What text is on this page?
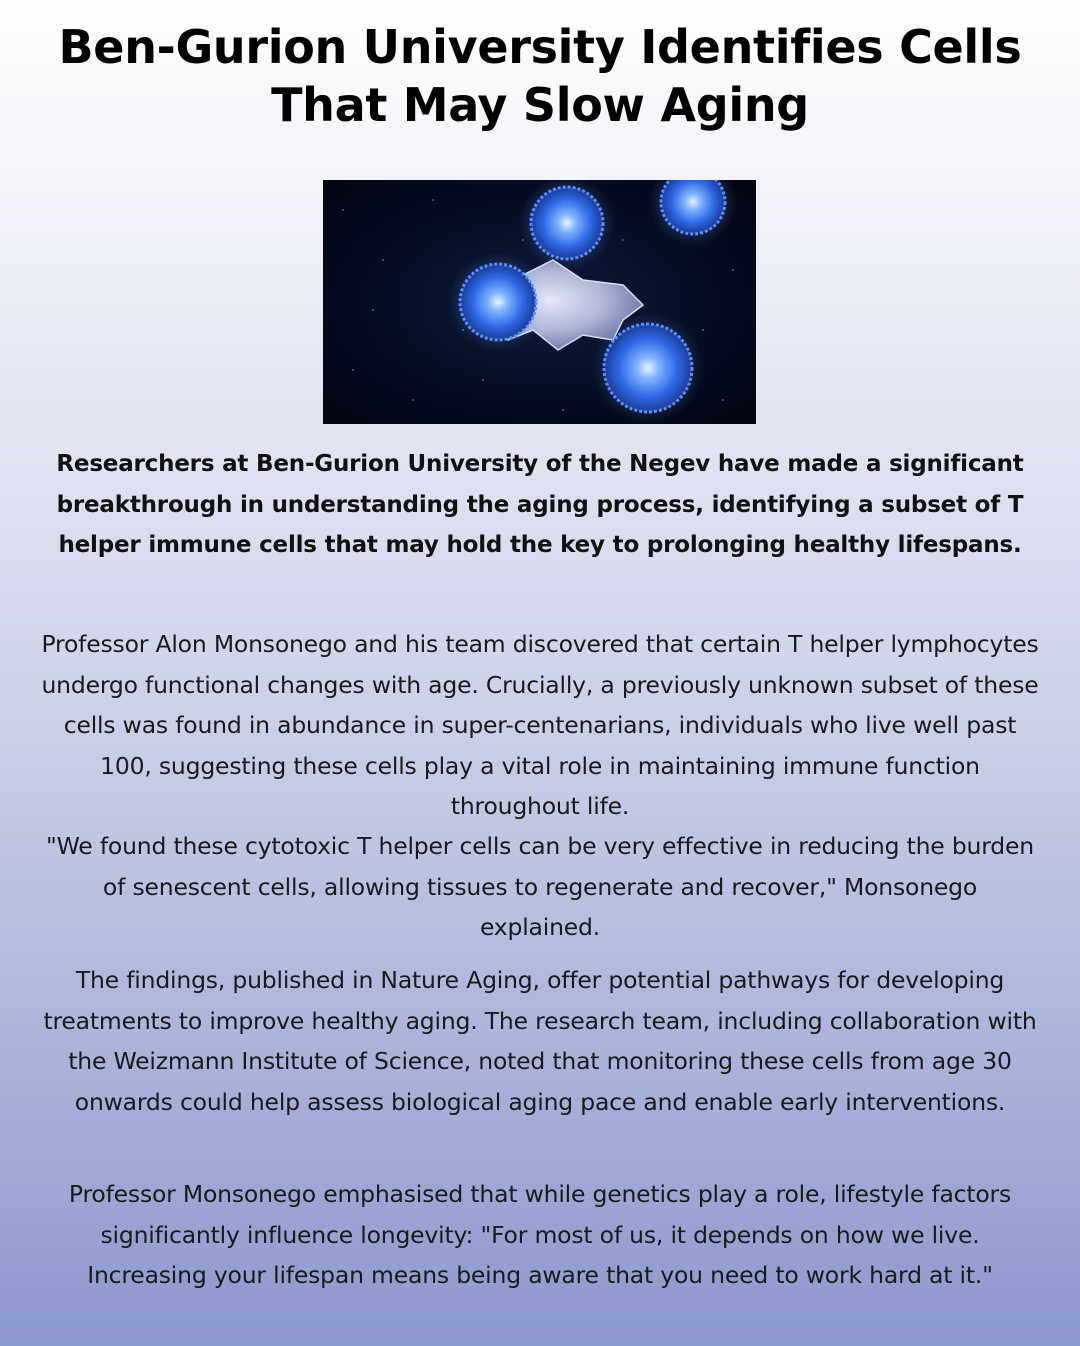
Ben-Gurion University Identifies Cells That May Slow Aging

Researchers at Ben-Gurion University of the Negev have made a significant breakthrough in understanding the aging process, identifying a subset of T helper immune cells that may hold the key to prolonging healthy lifespans.

Professor Alon Monsonego and his team discovered that certain T helper lymphocytes undergo functional changes with age. Crucially, a previously unknown subset of these cells was found in abundance in super-centenarians, individuals who live well past 100, suggesting these cells play a vital role in maintaining immune function throughout life.

"We found these cytotoxic T helper cells can be very effective in reducing the burden of senescent cells, allowing tissues to regenerate and recover," Monsonego explained.

The findings, published in Nature Aging, offer potential pathways for developing treatments to improve healthy aging. The research team, including collaboration with the Weizmann Institute of Science, noted that monitoring these cells from age 30 onwards could help assess biological aging pace and enable early interventions.

Professor Monsonego emphasised that while genetics play a role, lifestyle factors significantly influence longevity: "For most of us, it depends on how we live. Increasing your lifespan means being aware that you need to work hard at it."
